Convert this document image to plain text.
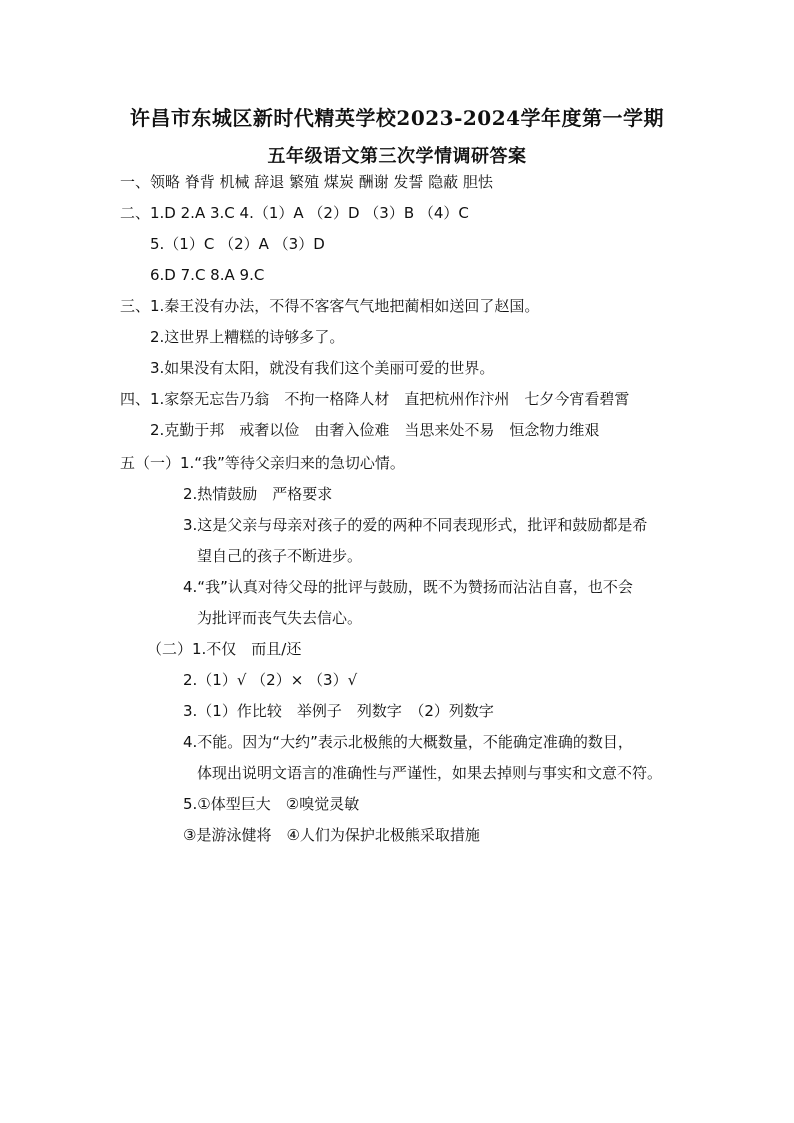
许昌市东城区新时代精英学校2023-2024学年度第一学期
五年级语文第三次学情调研答案
一、领略 脊背 机械 辞退 繁殖 煤炭 酬谢 发誓 隐蔽 胆怯
二、1.D 2.A 3.C 4.（1）A （2）D （3）B （4）C
5.（1）C （2）A （3）D
6.D 7.C 8.A 9.C
三、1.秦王没有办法，不得不客客气气地把蔺相如送回了赵国。
2.这世界上糟糕的诗够多了。
3.如果没有太阳，就没有我们这个美丽可爱的世界。
四、1.家祭无忘告乃翁　不拘一格降人材　直把杭州作汴州　七夕今宵看碧霄
2.克勤于邦　戒奢以俭　由奢入俭难　当思来处不易　恒念物力维艰
五（一）1.“我”等待父亲归来的急切心情。
2.热情鼓励　严格要求
3.这是父亲与母亲对孩子的爱的两种不同表现形式，批评和鼓励都是希
望自己的孩子不断进步。
4.“我”认真对待父母的批评与鼓励，既不为赞扬而沾沾自喜，也不会
为批评而丧气失去信心。
（二）1.不仅　而且/还
2.（1）√ （2）× （3）√
3.（1）作比较　举例子　列数字　（2）列数字
4.不能。因为“大约”表示北极熊的大概数量，不能确定准确的数目，
体现出说明文语言的准确性与严谨性，如果去掉则与事实和文意不符。
5.①体型巨大　②嗅觉灵敏
③是游泳健将　④人们为保护北极熊采取措施
